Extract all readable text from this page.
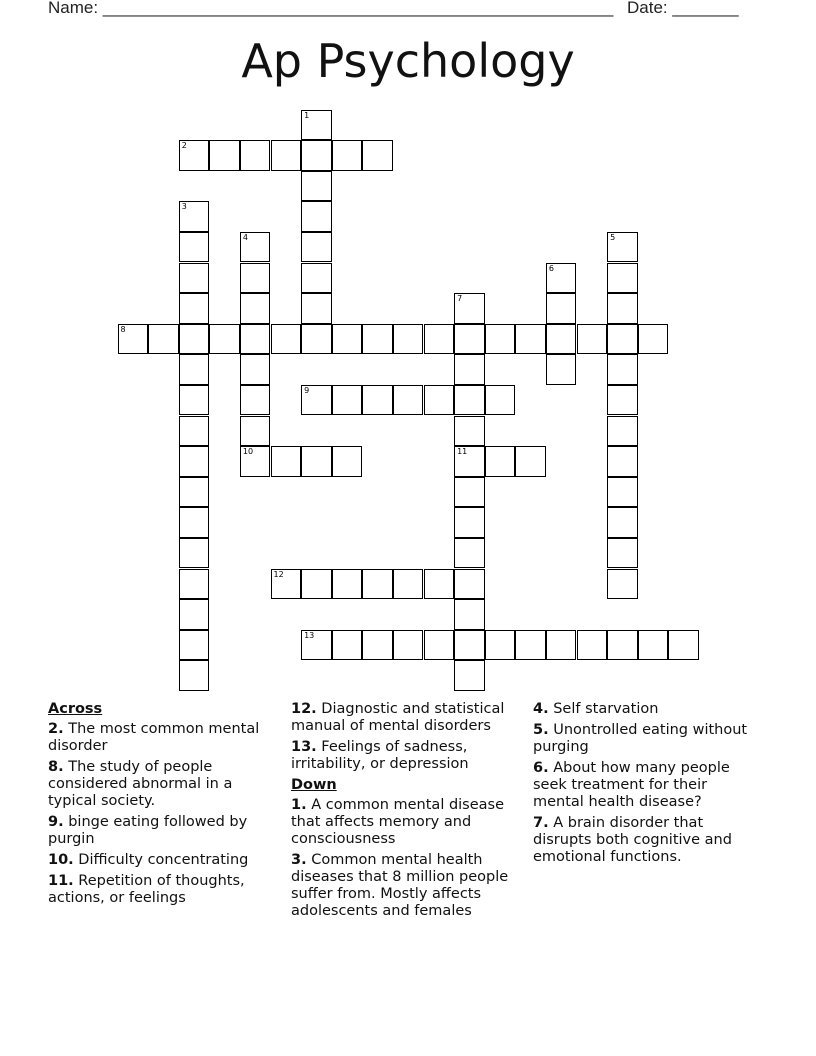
Name: ______________________________________________________ Date: _______
Ap Psychology
1
2
3
4	5
6
7
11
8
9
10
12
13
Across
2. The most common mental disorder
8. The study of people considered abnormal in a typical society.
9. binge eating followed by purgin
10. Difficulty concentrating
11. Repetition of thoughts, actions, or feelings
12. Diagnostic and statistical manual of mental disorders
13. Feelings of sadness, irritability, or depression
Down
1. A common mental disease that affects memory and consciousness
3. Common mental health diseases that 8 million people suffer from. Mostly affects adolescents and females
4. Self starvation
5. Unontrolled eating without purging
6. About how many people seek treatment for their mental health disease?
7. A brain disorder that disrupts both cognitive and emotional functions.
